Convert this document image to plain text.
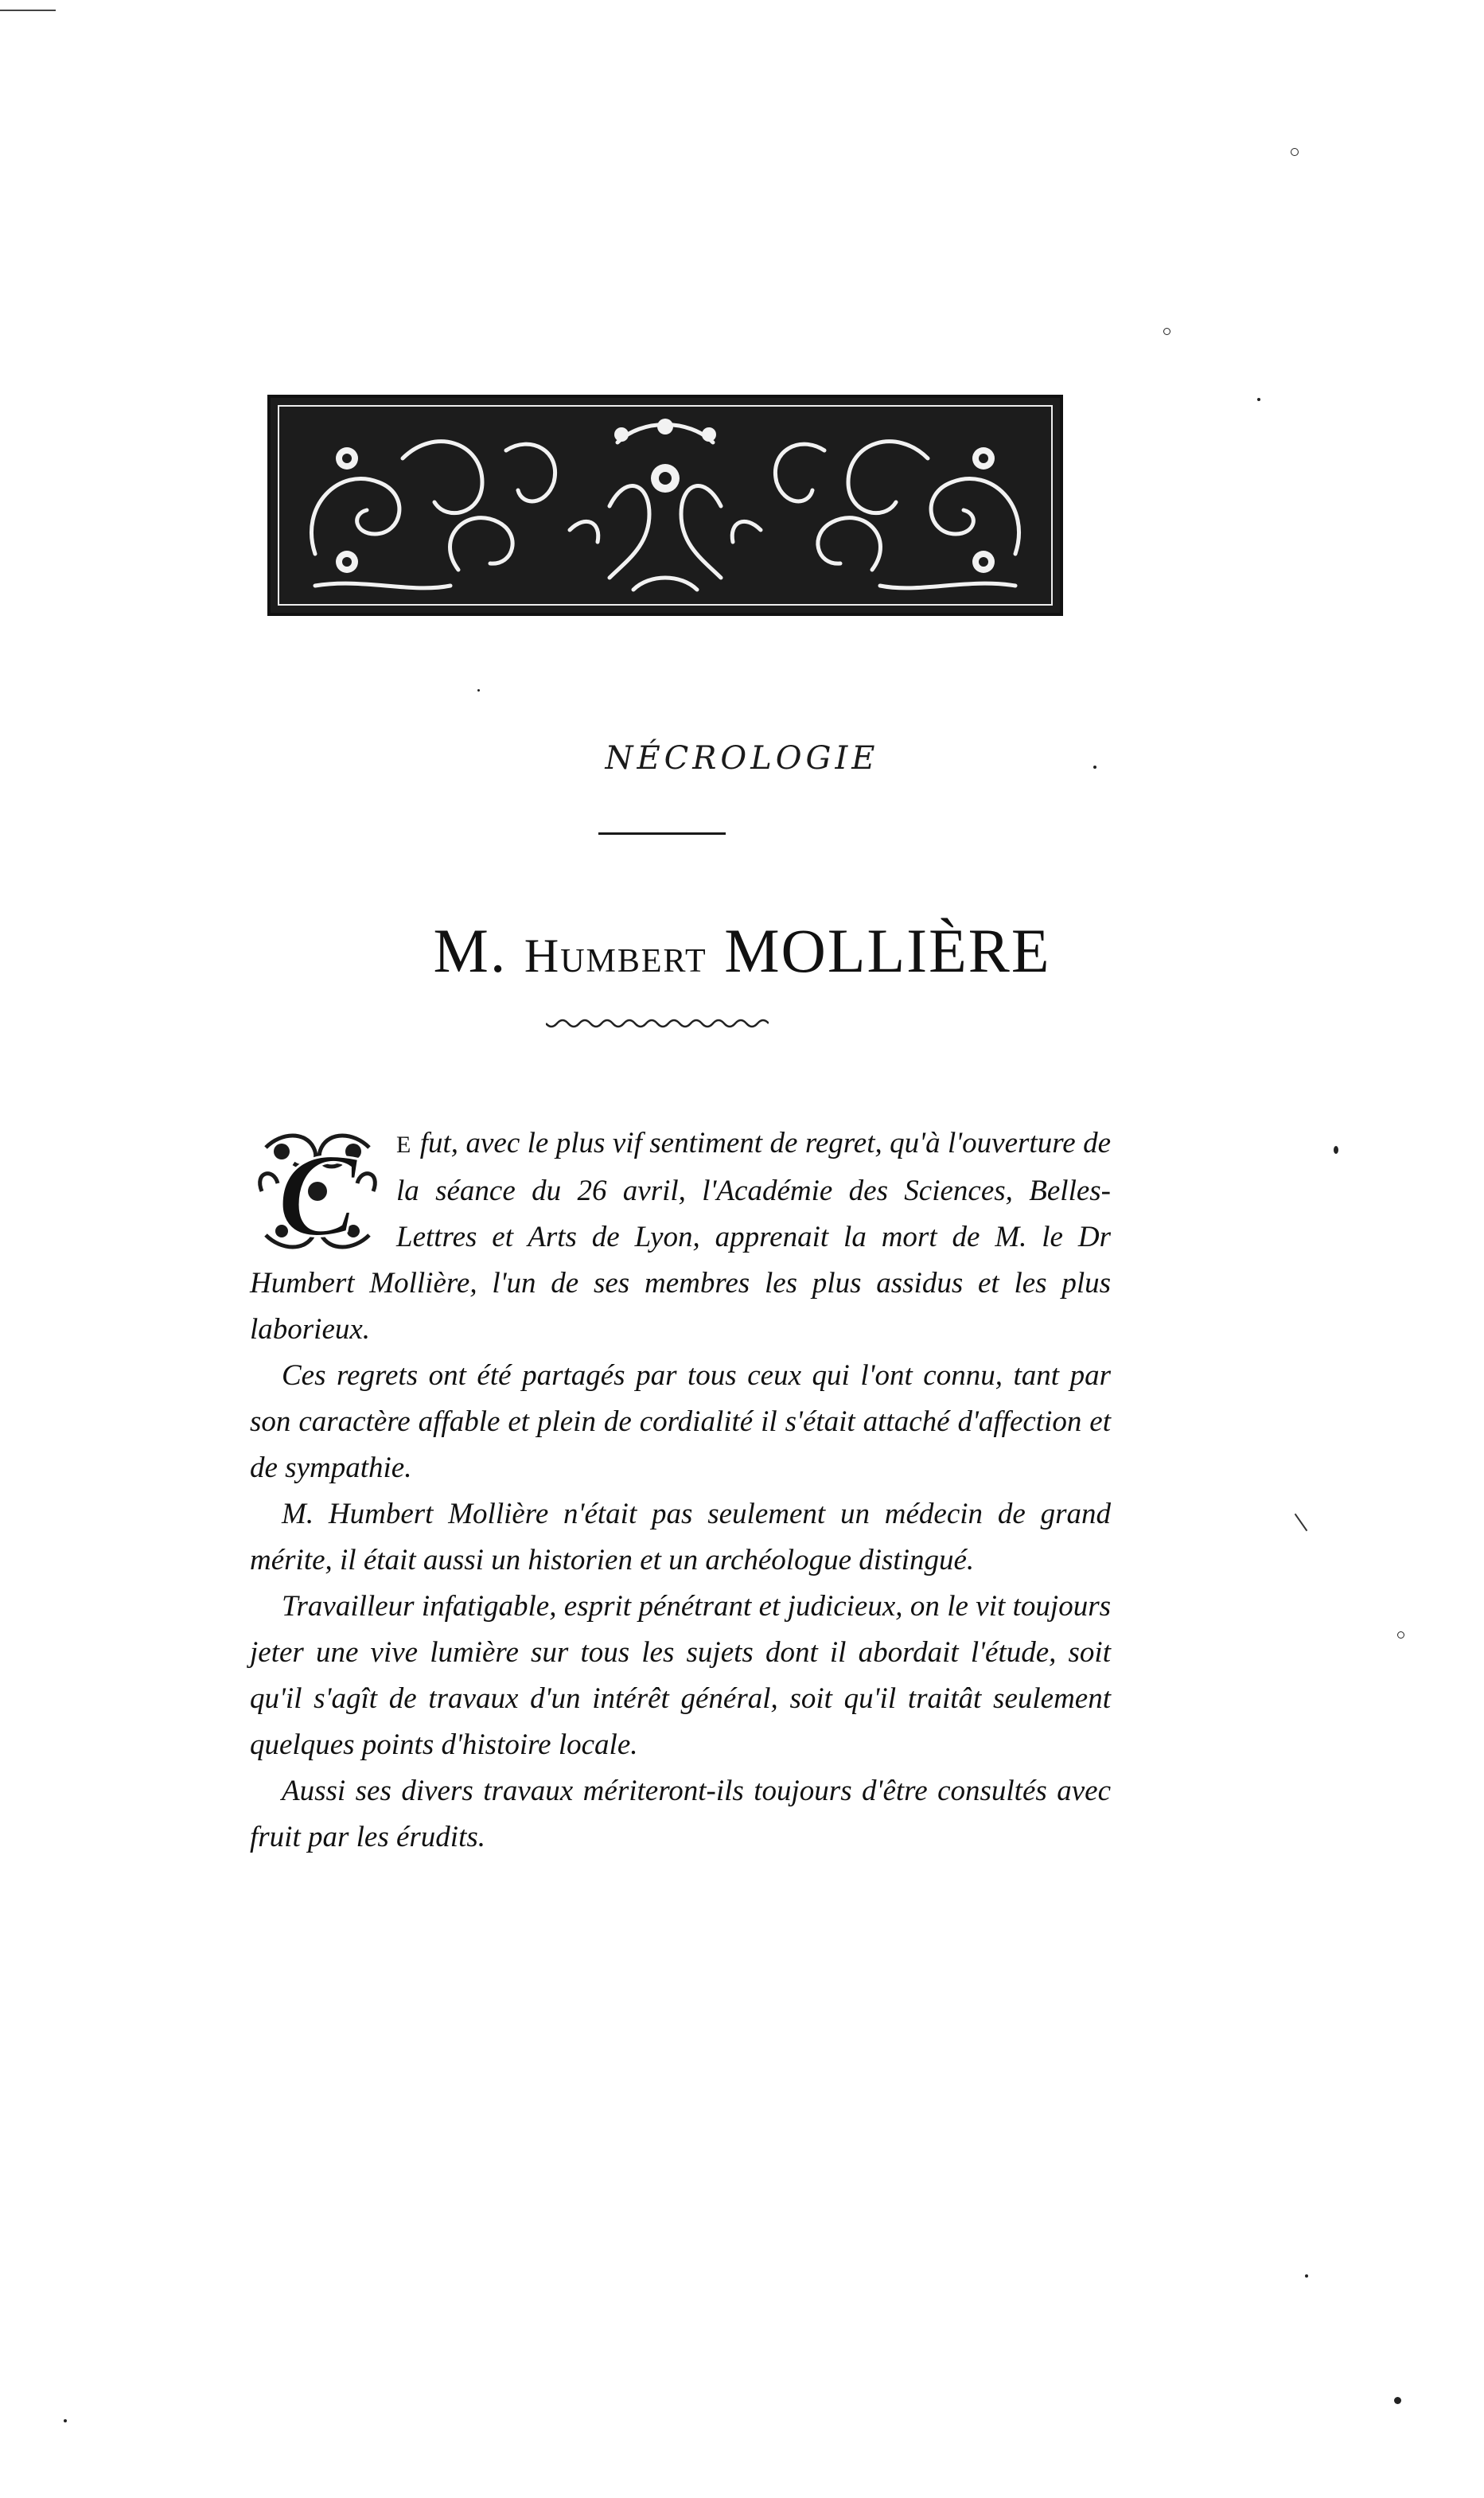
NÉCROLOGIE
M. Humbert MOLLIÈRE

C E fut, avec le plus vif sentiment de regret, qu'à l'ouverture de la séance du 26 avril, l'Académie des Sciences, Belles-Lettres et Arts de Lyon, apprenait la mort de M. le Dr Humbert Mollière, l'un de ses membres les plus assidus et les plus laborieux.

Ces regrets ont été partagés par tous ceux qui l'ont connu, tant par son caractère affable et plein de cordialité il s'était attaché d'affection et de sympathie.

M. Humbert Mollière n'était pas seulement un médecin de grand mérite, il était aussi un historien et un archéologue distingué.

Travailleur infatigable, esprit pénétrant et judicieux, on le vit toujours jeter une vive lumière sur tous les sujets dont il abordait l'étude, soit qu'il s'agît de travaux d'un intérêt général, soit qu'il traitât seulement quelques points d'histoire locale.

Aussi ses divers travaux mériteront-ils toujours d'être consultés avec fruit par les érudits.
